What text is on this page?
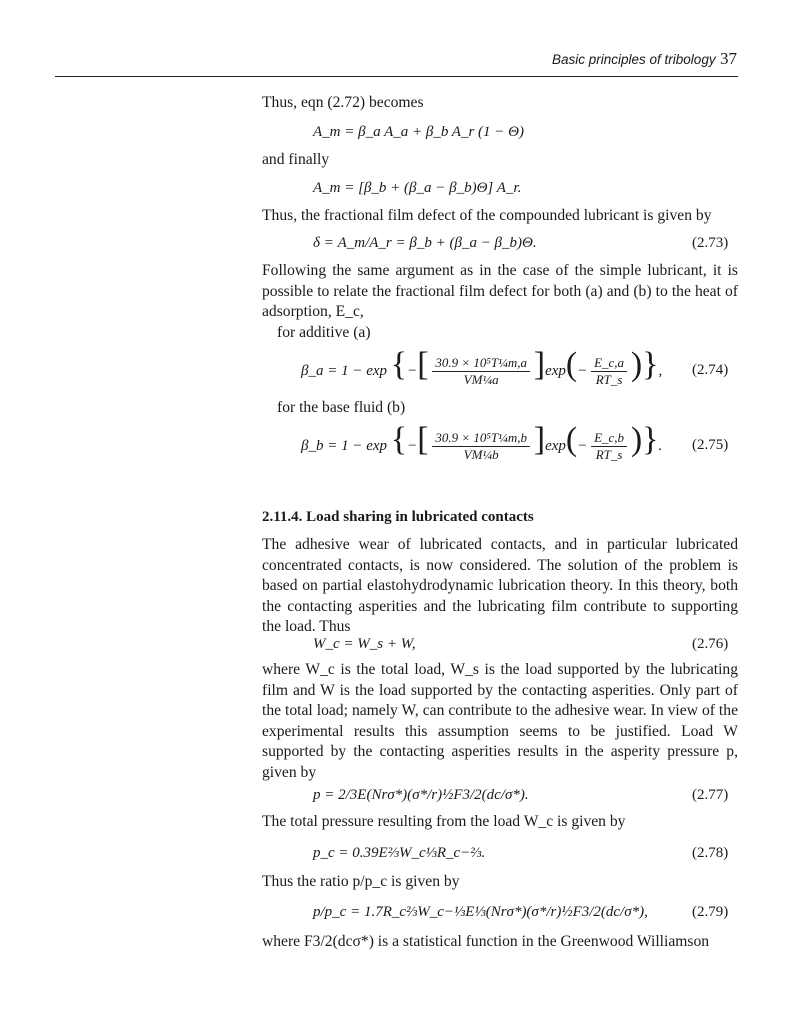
Basic principles of tribology 37
Thus, eqn (2.72) becomes
A_m = β_a A_a + β_b A_r (1 − Θ)
and finally
A_m = [β_b + (β_a − β_b)Θ] A_r.
Thus, the fractional film defect of the compounded lubricant is given by
δ = A_m/A_r = β_b + (β_a − β_b)Θ.	(2.73)
Following the same argument as in the case of the simple lubricant, it is possible to relate the fractional film defect for both (a) and (b) to the heat of adsorption, E_c,
for additive (a)
β_a = 1 − exp {−[ $\frac{\text{30.9 × 10⁵T¼m,a}}{\text{VM¼a}} ]\exp(- \frac{E\_c,a}{RT\_s}$ )}, (2.74)
for the base fluid (b)
β_b = 1 − exp {−[ $\frac{\text{30.9 × 10⁵T¼m,b}}{\text{VM¼b}} ]\exp(- \frac{E\_c,b}{RT\_s}$ )}. (2.75)
2.11.4. Load sharing in lubricated contacts
The adhesive wear of lubricated contacts, and in particular lubricated concentrated contacts, is now considered. The solution of the problem is based on partial elastohydrodynamic lubrication theory. In this theory, both the contacting asperities and the lubricating film contribute to supporting the load. Thus
W_c = W_s + W,	(2.76)
where W_c is the total load, W_s is the load supported by the lubricating film and W is the load supported by the contacting asperities. Only part of the total load; namely W, can contribute to the adhesive wear. In view of the experimental results this assumption seems to be justified. Load W supported by the contacting asperities results in the asperity pressure p, given by
p = 2/3E(Nrσ*)(σ*/r)½F3/2(dc/σ*).	(2.77)
The total pressure resulting from the load W_c is given by
p_c = 0.39E⅔W_c⅓R_c−⅔.	(2.78)
Thus the ratio p/p_c is given by
p/p_c = 1.7R_c⅔W_c−⅓E⅓(Nrσ*)(σ*/r)½F3/2(dc/σ*),	(2.79)
where F3/2(dcσ*) is a statistical function in the Greenwood Williamson
